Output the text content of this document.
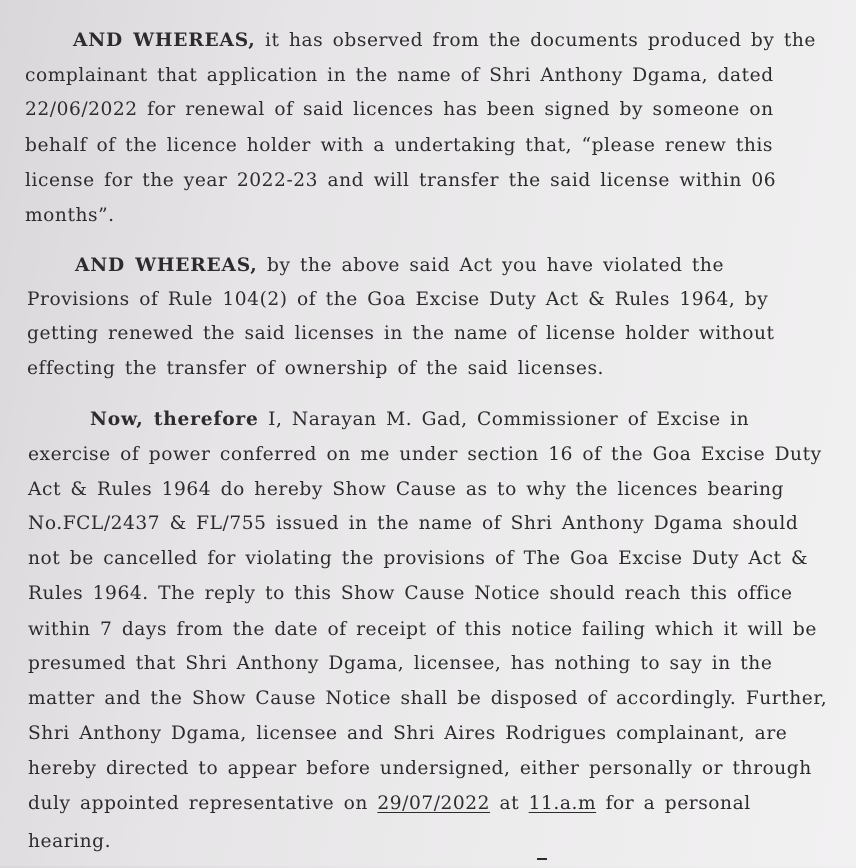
AND WHEREAS, it has observed from the documents produced by the
complainant that application in the name of Shri Anthony Dgama, dated
22/06/2022 for renewal of said licences has been signed by someone on
behalf of the licence holder with a undertaking that, “please renew this
license for the year 2022-23 and will transfer the said license within 06
months”.
AND WHEREAS, by the above said Act you have violated the
Provisions of Rule 104(2) of the Goa Excise Duty Act & Rules 1964, by
getting renewed the said licenses in the name of license holder without
effecting the transfer of ownership of the said licenses.
Now, therefore I, Narayan M. Gad, Commissioner of Excise in
exercise of power conferred on me under section 16 of the Goa Excise Duty
Act & Rules 1964 do hereby Show Cause as to why the licences bearing
No.FCL/2437 & FL/755 issued in the name of Shri Anthony Dgama should
not be cancelled for violating the provisions of The Goa Excise Duty Act &
Rules 1964. The reply to this Show Cause Notice should reach this office
within 7 days from the date of receipt of this notice failing which it will be
presumed that Shri Anthony Dgama, licensee, has nothing to say in the
matter and the Show Cause Notice shall be disposed of accordingly. Further,
Shri Anthony Dgama, licensee and Shri Aires Rodrigues complainant, are
hereby directed to appear before undersigned, either personally or through
duly appointed representative on 29/07/2022 at 11.a.m for a personal
hearing.
